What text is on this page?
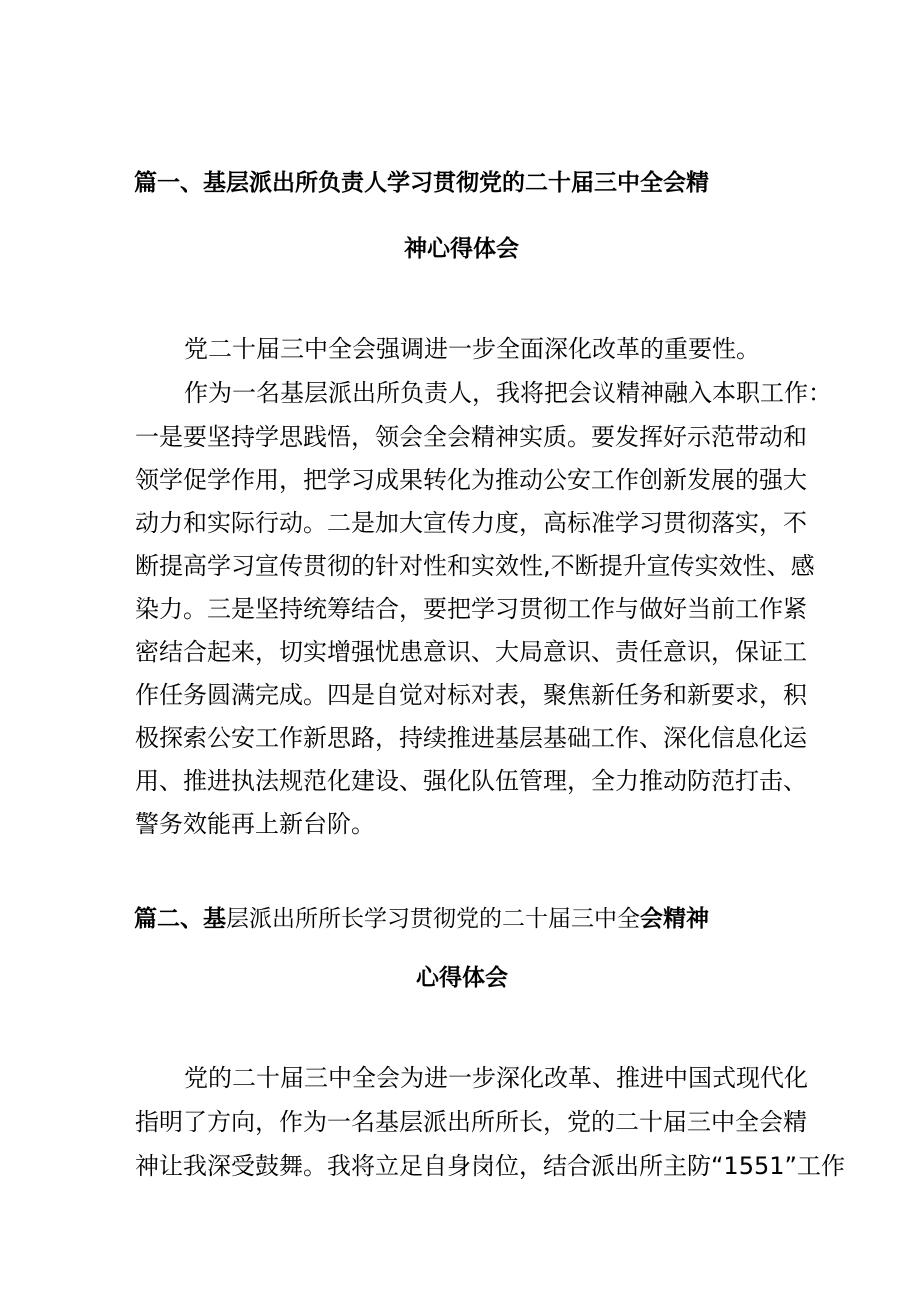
篇一、基层派出所负责人学习贯彻党的二十届三中全会精
神心得体会
党二十届三中全会强调进一步全面深化改革的重要性。
作为一名基层派出所负责人，我将把会议精神融入本职工作：
一是要坚持学思践悟，领会全会精神实质。要发挥好示范带动和
领学促学作用，把学习成果转化为推动公安工作创新发展的强大
动力和实际行动。二是加大宣传力度，高标准学习贯彻落实，不
断提高学习宣传贯彻的针对性和实效性,不断提升宣传实效性、感
染力。三是坚持统筹结合，要把学习贯彻工作与做好当前工作紧
密结合起来，切实增强忧患意识、大局意识、责任意识，保证工
作任务圆满完成。四是自觉对标对表，聚焦新任务和新要求，积
极探索公安工作新思路，持续推进基层基础工作、深化信息化运
用、推进执法规范化建设、强化队伍管理，全力推动防范打击、
警务效能再上新台阶。
篇二、基层派出所所长学习贯彻党的二十届三中全会精神
心得体会
党的二十届三中全会为进一步深化改革、推进中国式现代化
指明了方向，作为一名基层派出所所长，党的二十届三中全会精
神让我深受鼓舞。我将立足自身岗位，结合派出所主防“1551”工作
